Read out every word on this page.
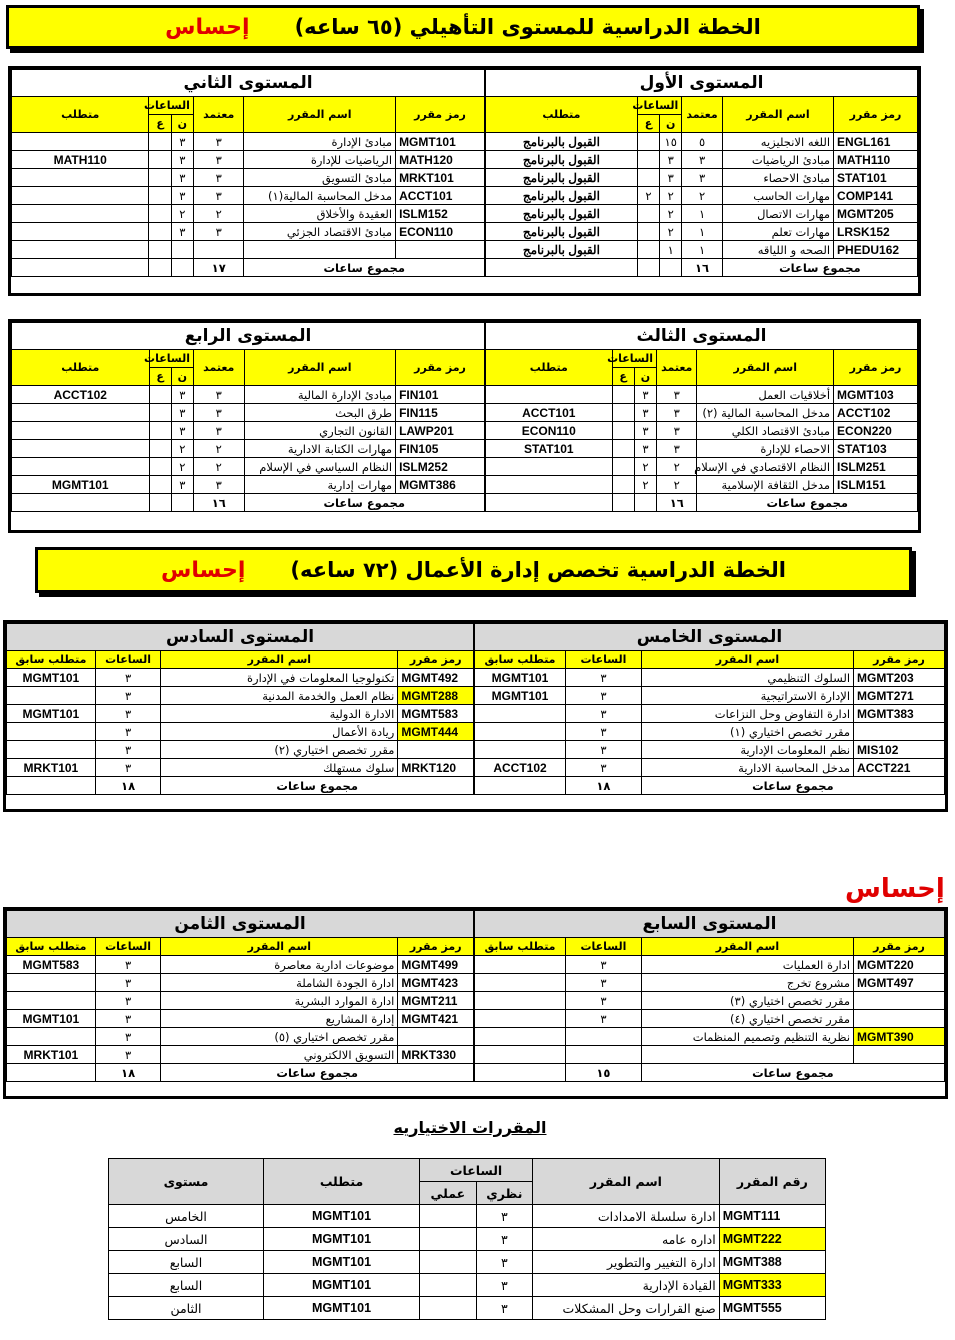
الخطة الدراسية للمستوى التأهيلي (٦٥ ساعه)
إحساس
المستوى الثاني					
رمز مقرر	اسم المقرر	معتمد	الساعات		متطلب
			ن	ع	
MGMT101	مبادئ الإدارة	٣	٣		
MATH120	الرياضيات للإدارة	٣	٣		MATH110
MRKT101	مبادئ التسويق	٣	٣		
ACCT101	مدخل المحاسبة المالية(١)	٣	٣		
ISLM152	العقيدة والأخلاق	٢	٢		
ECON110	مبادئ الاقتصاد الجزئي	٣	٣		

مجموع ساعات		١٧			
المستوى الأول					
رمز مقرر	اسم المقرر	معتمد	الساعات		متطلب
			ن	ع	
ENGL161	اللغه الانجليزيه	٥	١٥		القبول بالبرنامج
MATH110	مبادئ الرياضيات	٣	٣		القبول بالبرنامج
STAT101	مبادئ الاحصاء	٣	٣		القبول بالبرنامج
COMP141	مهارات الحاسب	٢	٢	٢	القبول بالبرنامج
MGMT205	مهارات الاتصال	١	٢		القبول بالبرنامج
LRSK152	مهارات تعلم	١	٢		القبول بالبرنامج
PHEDU162	الصحه و اللياقه	١	١		القبول بالبرنامج
مجموع ساعات		١٦			
المستوى الرابع					
رمز مقرر	اسم المقرر	معتمد	الساعات		متطلب
			ن	ع	
FIN101	مبادئ الإدارة المالية	٣	٣		ACCT102
FIN115	طرق البحث	٣	٣		
LAWP201	القانون التجاري	٣	٣		
FIN105	مهارات الكتابة الادارية	٢	٢		
ISLM252	النظام السياسي في الإسلام	٢	٢		
MGMT386	مهارات إدارية	٣	٣		MGMT101
مجموع ساعات		١٦			
المستوى الثالث					
رمز مقرر	اسم المقرر	معتمد	الساعات		متطلب
			ن	ع	
MGMT103	أخلاقيات العمل	٣	٣		
ACCT102	مدخل المحاسبة المالية (٢)	٣	٣		ACCT101
ECON220	مبادئ الاقتصاد الكلي	٣	٣		ECON110
STAT103	الاحصاء للإدارة	٣	٣		STAT101
ISLM251	النظام الاقتصادي في الإسلام	٢	٢		
ISLM151	مدخل الثقافة الإسلامية	٢	٢		
مجموع ساعات		١٦			
الخطة الدراسية تخصص إدارة الأعمال (٧٢ ساعه)
إحساس
المستوى السادس			
رمز مقرر	اسم المقرر	الساعات	متطلب سابق
MGMT492	تكنولوجيا المعلومات في الإدارة	٣	MGMT101
MGMT288	نظام العمل والخدمة المدنية	٣	
MGMT583	الادارة الدولية	٣	MGMT101
MGMT444	ريادة الأعمال	٣	
	مقرر تخصص اختياري (٢)	٣	
MRKT120	سلوك مستهلك	٣	MRKT101
مجموع ساعات		١٨	
المستوى الخامس			
رمز مقرر	اسم المقرر	الساعات	متطلب سابق
MGMT203	السلوك التنظيمي	٣	MGMT101
MGMT271	الإدارة الاستراتيجية	٣	MGMT101
MGMT383	ادارة التفاوض وحل النزاعات	٣	
	مقرر تخصص اختياري (١)	٣	
MIS102	نظم المعلومات الإدارية	٣	
ACCT221	مدخل المحاسبة الادارية	٣	ACCT102
مجموع ساعات		١٨	
إحساس
المستوى الثامن			
رمز مقرر	اسم المقرر	الساعات	متطلب سابق
MGMT499	موضوعات ادارية معاصرة	٣	MGMT583
MGMT423	ادارة الجودة الشاملة	٣	
MGMT211	ادارة الموارد البشرية	٣	
MGMT421	إدارة المشاريع	٣	MGMT101
	مقرر تخصص اختياري (٥)	٣	
MRKT330	التسويق الالكتروني	٣	MRKT101
مجموع ساعات		١٨	
المستوى السابع			
رمز مقرر	اسم المقرر	الساعات	متطلب سابق
MGMT220	ادارة العمليات	٣	
MGMT497	مشروع تخرج	٣	
	مقرر تخصص اختياري (٣)	٣	
	مقرر تخصص اختياري (٤)	٣	
MGMT390	نظرية التنظيم وتصميم المنظمات		

مجموع ساعات		١٥	
المقررات الاختياريه
رقم المقرر	اسم المقرر	الساعات		متطلب	مستوى
		نظري	عملي		
MGMT111	ادارة سلسلة الامدادات	٣		MGMT101	الخامس
MGMT222	اداره عامه	٣		MGMT101	السادس
MGMT388	ادارة التغيير والتطوير	٣		MGMT101	السابع
MGMT333	القيادة الإدارية	٣		MGMT101	السابع
MGMT555	صنع القرارات وحل المشكلات	٣		MGMT101	الثامن
